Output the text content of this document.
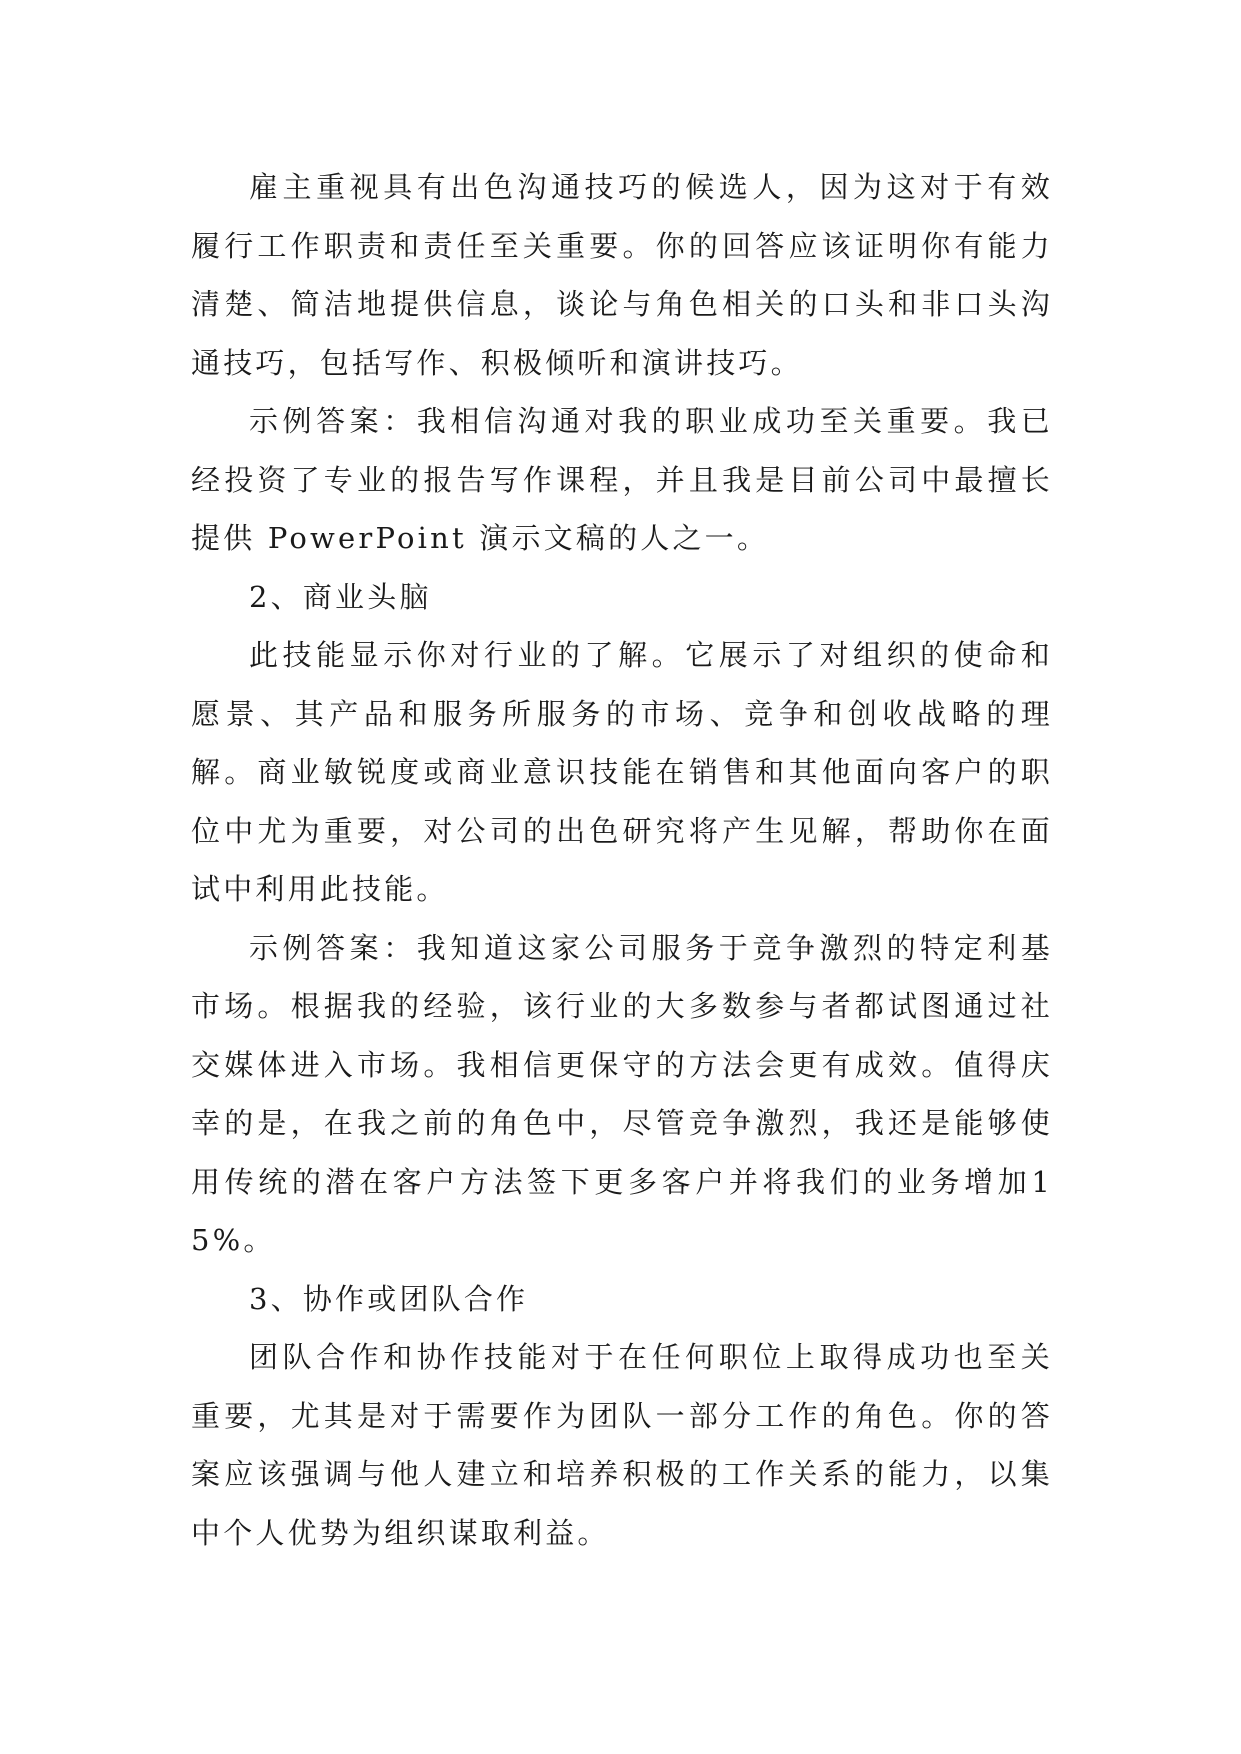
雇主重视具有出色沟通技巧的候选人，因为这对于有效履行工作职责和责任至关重要。你的回答应该证明你有能力清楚、简洁地提供信息，谈论与角色相关的口头和非口头沟通技巧，包括写作、积极倾听和演讲技巧。

示例答案：我相信沟通对我的职业成功至关重要。我已经投资了专业的报告写作课程，并且我是目前公司中最擅长提供 PowerPoint 演示文稿的人之一。

2、商业头脑

此技能显示你对行业的了解。它展示了对组织的使命和愿景、其产品和服务所服务的市场、竞争和创收战略的理解。商业敏锐度或商业意识技能在销售和其他面向客户的职位中尤为重要，对公司的出色研究将产生见解，帮助你在面试中利用此技能。

示例答案：我知道这家公司服务于竞争激烈的特定利基市场。根据我的经验，该行业的大多数参与者都试图通过社交媒体进入市场。我相信更保守的方法会更有成效。值得庆幸的是，在我之前的角色中，尽管竞争激烈，我还是能够使用传统的潜在客户方法签下更多客户并将我们的业务增加15%。

3、协作或团队合作

团队合作和协作技能对于在任何职位上取得成功也至关重要，尤其是对于需要作为团队一部分工作的角色。你的答案应该强调与他人建立和培养积极的工作关系的能力，以集中个人优势为组织谋取利益。
